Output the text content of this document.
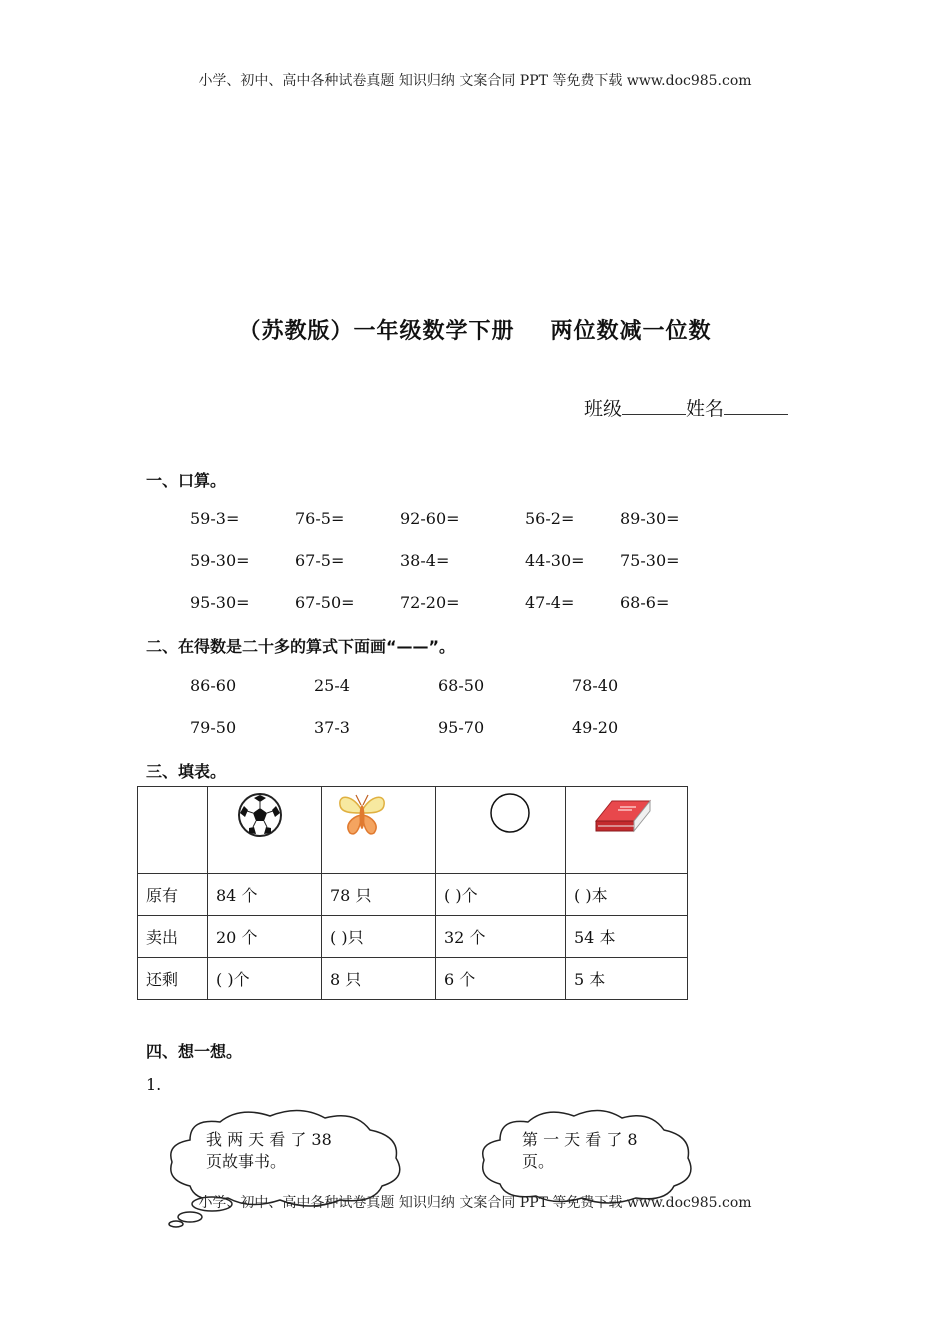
小学、初中、高中各种试卷真题 知识归纳 文案合同 PPT 等免费下载 www.doc985.com
（苏教版）一年级数学下册 两位数减一位数
班级	姓名
一、口算。
59-3=	76-5=	92-60=	56-2=	89-30=
59-30=	67-5=	38-4=	44-30= 75-30=
95-30=	67-50=	72-20=	47-4=	68-6=
二、在得数是二十多的算式下面画“——”。
86-60	25-4	68-50	78-40
79-50	37-3	95-70	49-20
三、填表。

原有	84 个	78 只	( )个	( )本
卖出	20 个	( )只	32 个	54 本
还剩	( )个	8 只	6 个	5 本
四、想一想。
1.
我 两 天 看 了 38
页故事书。
第 一 天 看 了 8
页。
小学、初中、高中各种试卷真题 知识归纳 文案合同 PPT 等免费下载 www.doc985.com
